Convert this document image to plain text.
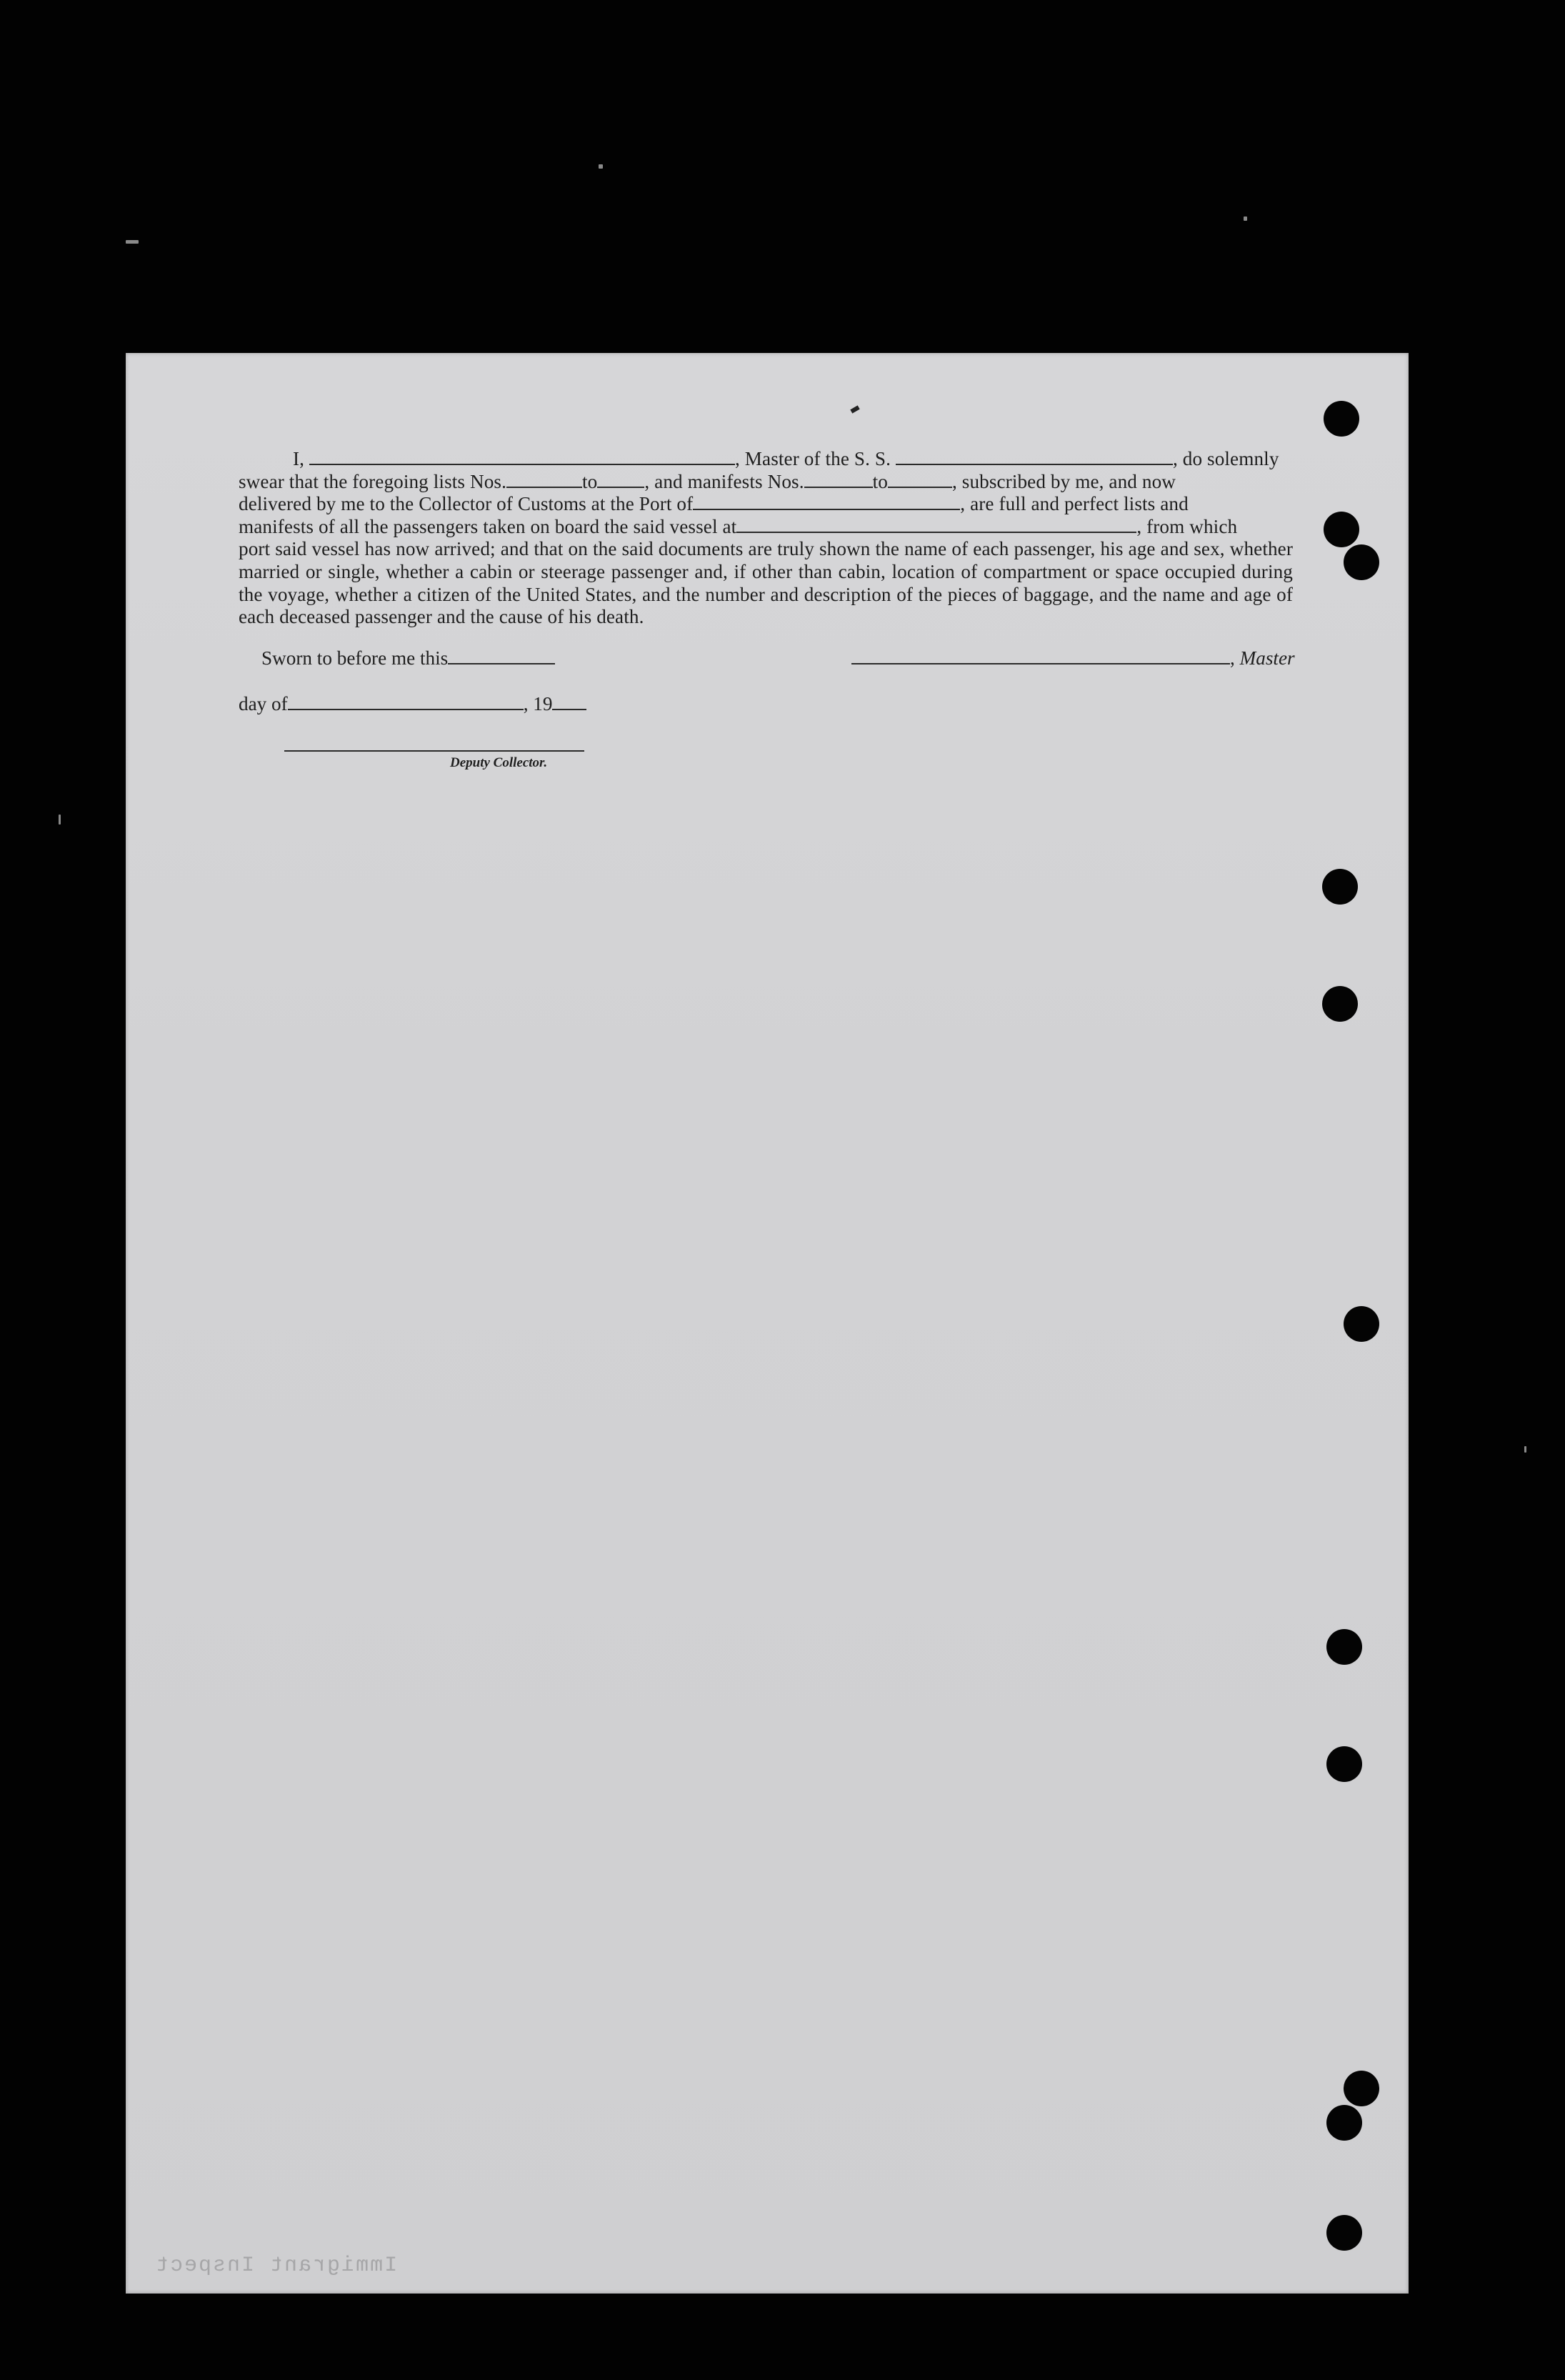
I,	, Master of the S. S.	, do solemnly
swear that the foregoing lists Nos.	to , and manifests Nos.	to	, subscribed by me, and now
delivered by me to the Collector of Customs at the Port of	, are full and perfect lists and
manifests of all the passengers taken on board the said vessel at	, from which
port said vessel has now arrived; and that on the said documents are truly shown the name of each passenger, his age and sex, whether married or single, whether a cabin or steerage passenger and, if other than cabin, location of compartment or space occupied during the voyage, whether a citizen of the United States, and the number and description of the pieces of baggage, and the name and age of each deceased passenger and the cause of his death.
Sworn to before me this	, Master
day of	, 19
Deputy Collector.
Immigrant Inspect
